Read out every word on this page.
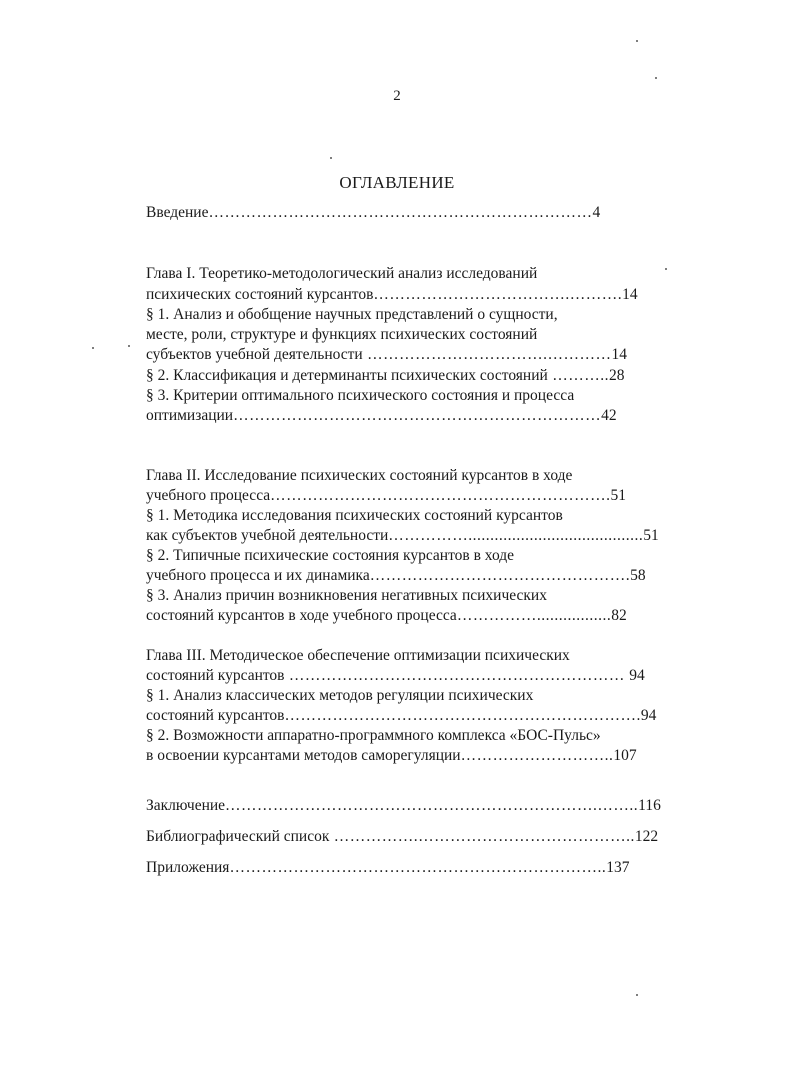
2
ОГЛАВЛЕНИЕ
Введение………………………………………………………………4
Глава I. Теоретико-методологический анализ исследований
психических состояний курсантов……………………………….……….14
§ 1. Анализ и обобщение научных представлений о сущности,
месте, роли, структуре и функциях психических состояний
субъектов учебной деятельности …………………………….…………14
§ 2. Классификация и детерминанты психических состояний ………..28
§ 3. Критерии оптимального психического состояния и процесса
оптимизации……………………………………………………………42
Глава II. Исследование психических состояний курсантов в ходе
учебного процесса……………………………………………………….51
§ 1. Методика исследования психических состояний курсантов
как субъектов учебной деятельности……………........................................51
§ 2. Типичные психические состояния курсантов в ходе
учебного процесса и их динамика………………………………………….58
§ 3. Анализ причин возникновения негативных психических
состояний курсантов в ходе учебного процесса…………….................82
Глава III. Методическое обеспечение оптимизации психических
состояний курсантов ……………………………………………………… 94
§ 1. Анализ классических методов регуляции психических
состояний курсантов………………………………………………………….94
§ 2. Возможности аппаратно-программного комплекса «БОС-Пульс»
в освоении курсантами методов саморегуляции………………………..107
Заключение…………………………………………………………….……..116
Библиографический список …………….…………………………………..122
Приложения……………………………………………………………..137
